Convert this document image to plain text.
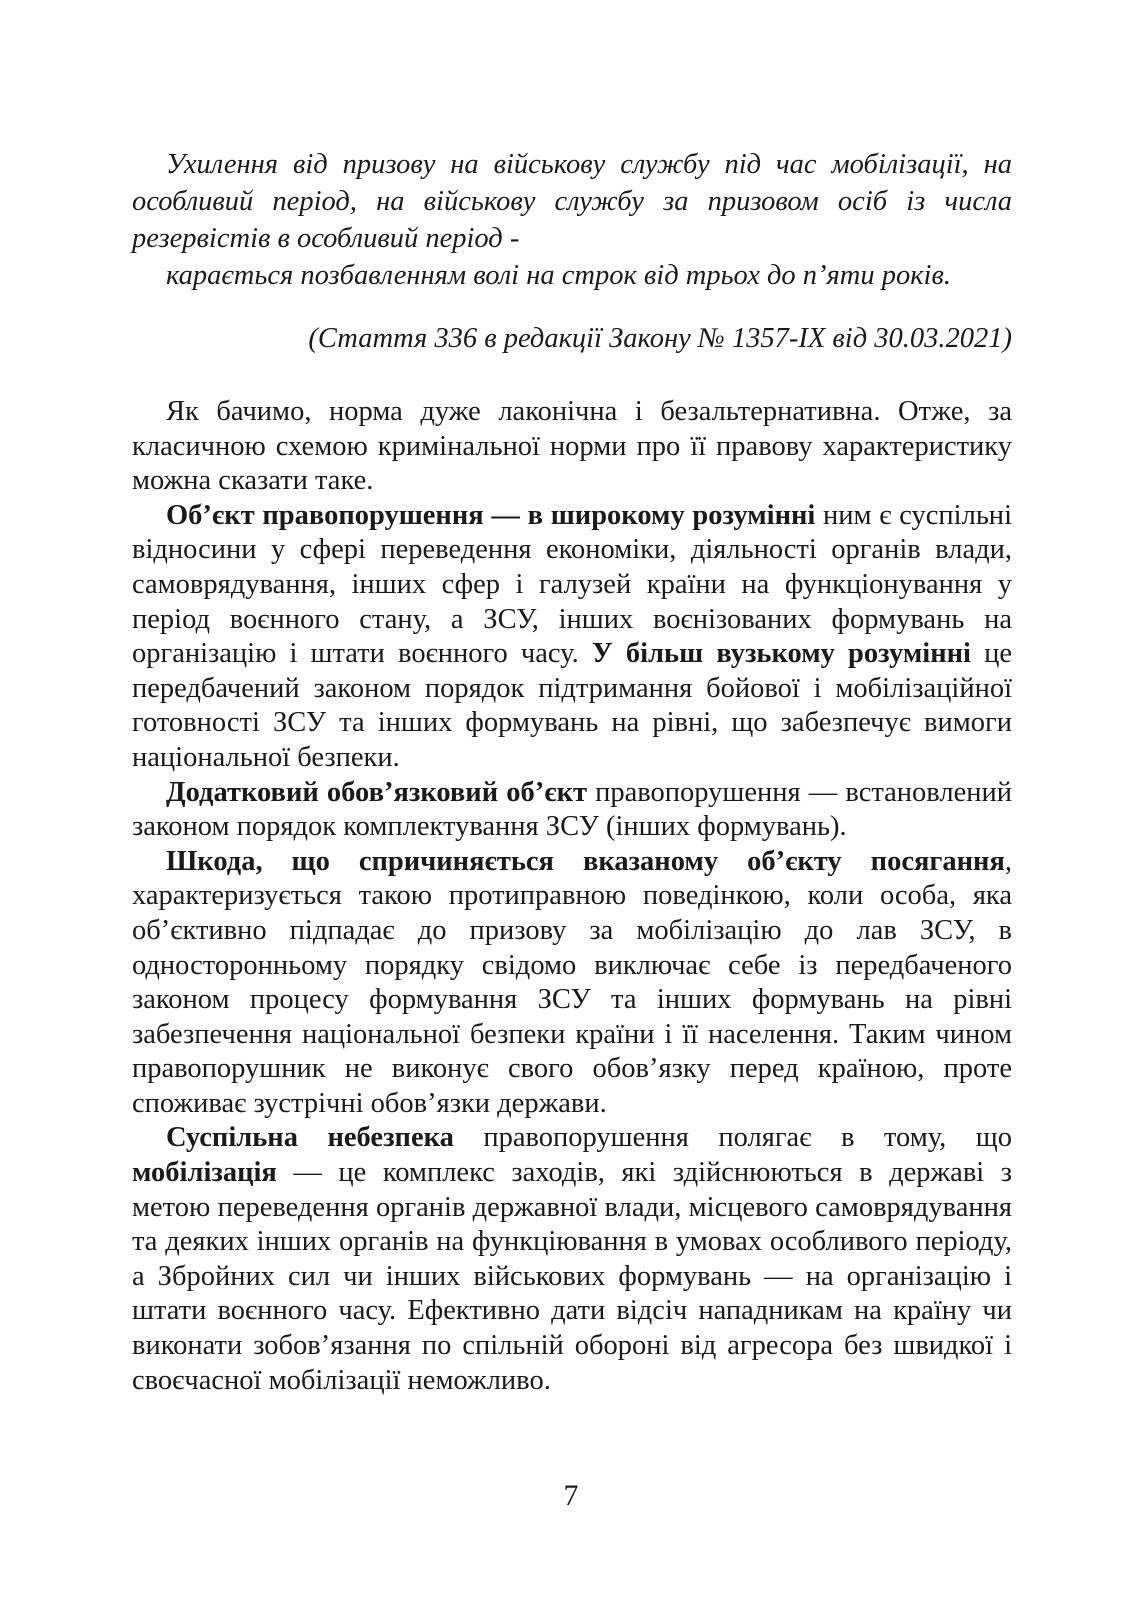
Ухилення від призову на військову службу під час мобілізації, на особливий період, на військову службу за призовом осіб із числа резервістів в особливий період -

карається позбавленням волі на строк від трьох до п’яти років.

(Стаття 336 в редакції Закону № 1357-IX від 30.03.2021)

Як бачимо, норма дуже лаконічна і безальтернативна. Отже, за класичною схемою кримінальної норми про її правову характеристику можна сказати таке.

Об’єкт правопорушення — в широкому розумінні ним є суспільні відносини у сфері переведення економіки, діяльності органів влади, самоврядування, інших сфер і галузей країни на функціонування у період воєнного стану, а ЗСУ, інших воєнізованих формувань на організацію і штати воєнного часу. У більш вузькому розумінні це передбачений законом порядок підтримання бойової і мобілізаційної готовності ЗСУ та інших формувань на рівні, що забезпечує вимоги національної безпеки.

Додатковий обов’язковий об’єкт правопорушення — встановлений законом порядок комплектування ЗСУ (інших формувань).

Шкода, що спричиняється вказаному об’єкту посягання, характеризується такою протиправною поведінкою, коли особа, яка об’єктивно підпадає до призову за мобілізацію до лав ЗСУ, в односторонньому порядку свідомо виключає себе із передбаченого законом процесу формування ЗСУ та інших формувань на рівні забезпечення національної безпеки країни і її населення. Таким чином правопорушник не виконує свого обов’язку перед країною, проте споживає зустрічні обов’язки держави.

Суспільна небезпека правопорушення полягає в тому, що мобілізація — це комплекс заходів, які здійснюються в державі з метою переведення органів державної влади, місцевого самоврядування та деяких інших органів на функціювання в умовах особливого періоду, а Збройних сил чи інших військових формувань — на організацію і штати воєнного часу. Ефективно дати відсіч нападникам на країну чи виконати зобов’язання по спільній обороні від агресора без швидкої і своєчасної мобілізації неможливо.

7
